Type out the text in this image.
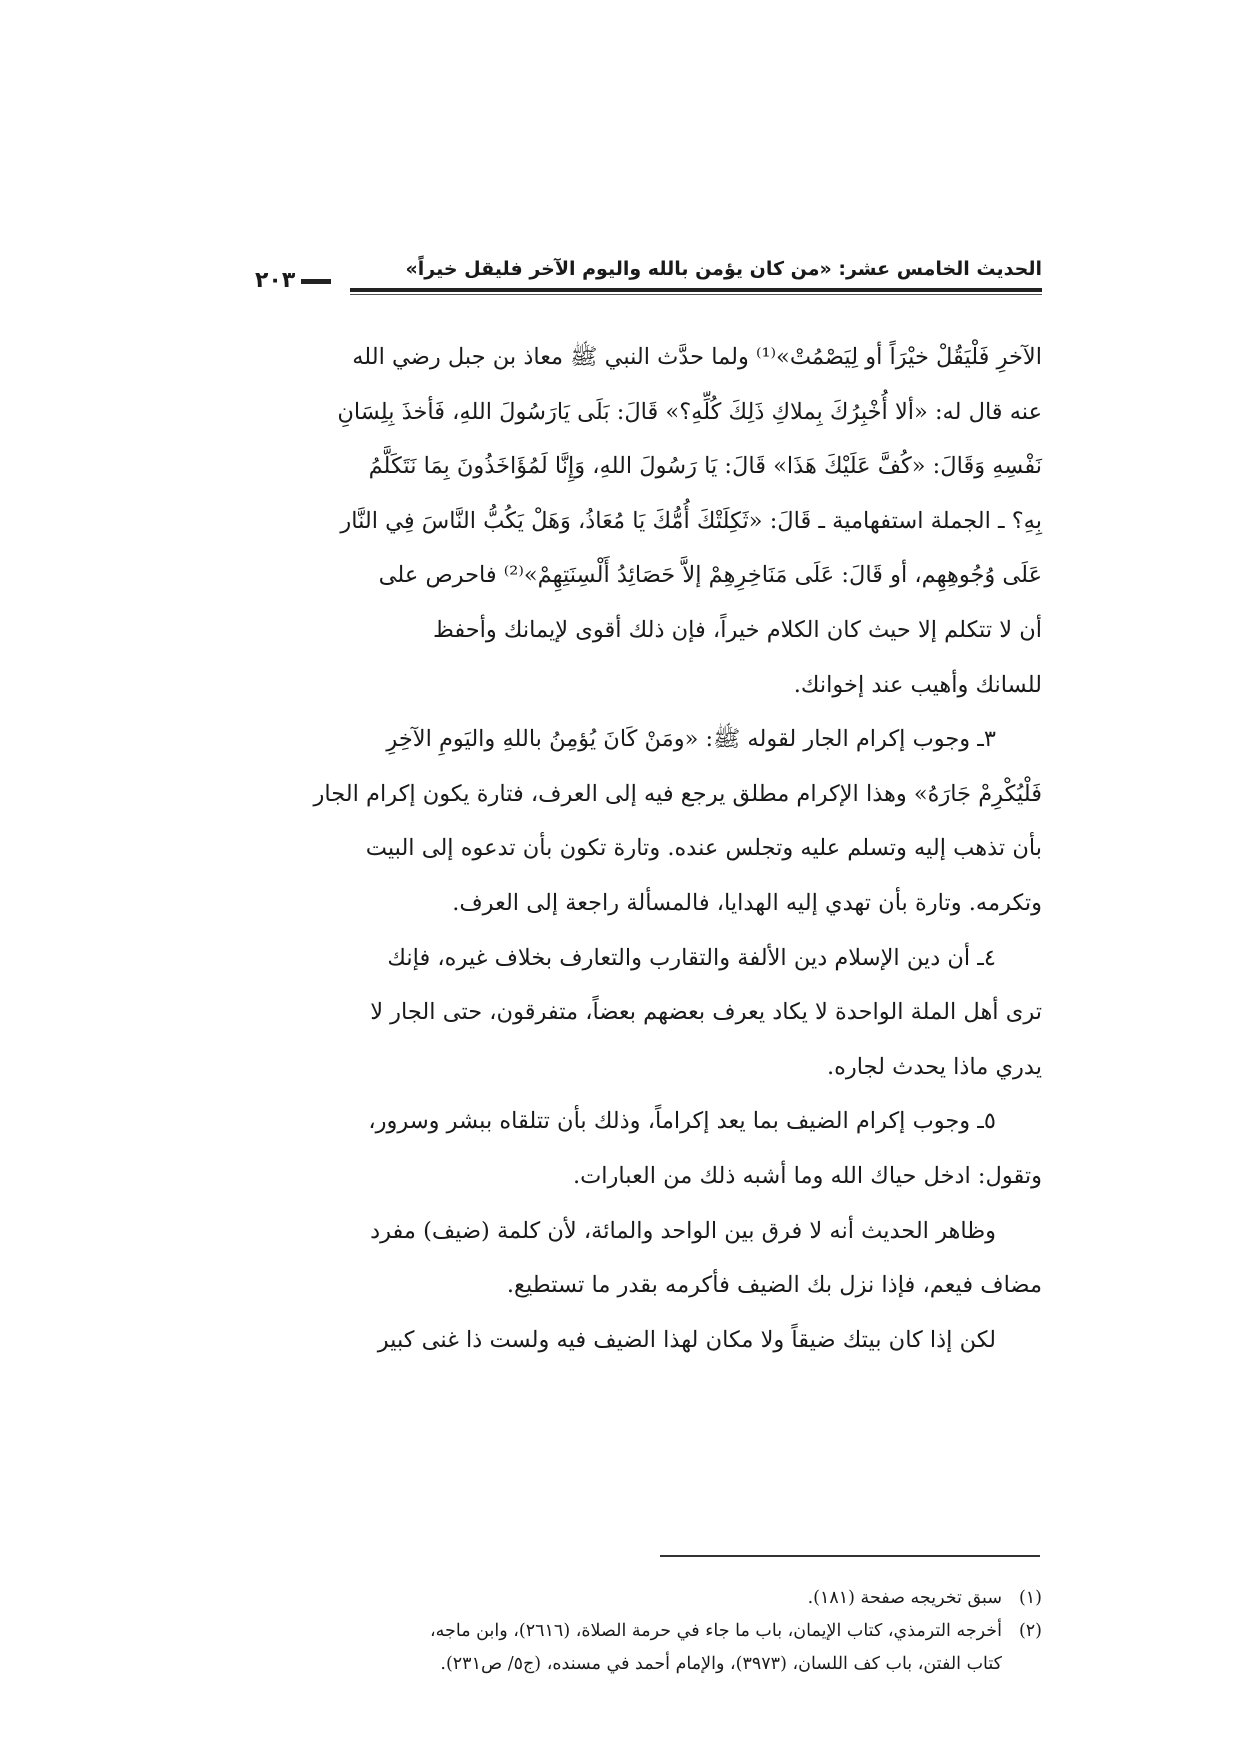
٢٠٣	الحديث الخامس عشر: «من كان يؤمن بالله واليوم الآخر فليقل خيراً»

الآخرِ فَلْيَقُلْ خيْرَاً أو لِيَصْمُتْ»⁽¹⁾ ولما حدَّث النبي ﷺ معاذ بن جبل رضي الله
عنه قال له: «ألا أُخْبِرُكَ بِملاكِ ذَلِكَ كُلِّهِ؟» قَالَ: بَلَى يَارَسُولَ اللهِ، فَأخذَ بِلِسَانِ
نَفْسِهِ وَقَالَ: «كُفَّ عَلَيْكَ هَذَا» قَالَ: يَا رَسُولَ اللهِ، وَإِنَّا لَمُؤَاخَذُونَ بِمَا نَتَكَلَّمُ
بِهِ؟ ـ الجملة استفهامية ـ قَالَ: «ثَكِلَتْكَ أُمُّكَ يَا مُعَاذُ، وَهَلْ يَكُبُّ النَّاسَ فِي النَّار
عَلَى وُجُوهِهِم، أو قَالَ: عَلَى مَنَاخِرِهِمْ إلاَّ حَصَائِدُ أَلْسِنَتِهِمْ»⁽²⁾ فاحرص على
أن لا تتكلم إلا حيث كان الكلام خيراً، فإن ذلك أقوى لإيمانك وأحفظ
للسانك وأهيب عند إخوانك.

٣ـ وجوب إكرام الجار لقوله ﷺ: «ومَنْ كَانَ يُؤمِنُ باللهِ واليَومِ الآخِرِ
فَلْيُكْرِمْ جَارَهُ» وهذا الإكرام مطلق يرجع فيه إلى العرف، فتارة يكون إكرام الجار
بأن تذهب إليه وتسلم عليه وتجلس عنده. وتارة تكون بأن تدعوه إلى البيت
وتكرمه. وتارة بأن تهدي إليه الهدايا، فالمسألة راجعة إلى العرف.

٤ـ أن دين الإسلام دين الألفة والتقارب والتعارف بخلاف غيره، فإنك
ترى أهل الملة الواحدة لا يكاد يعرف بعضهم بعضاً، متفرقون، حتى الجار لا
يدري ماذا يحدث لجاره.

٥ـ وجوب إكرام الضيف بما يعد إكراماً، وذلك بأن تتلقاه ببشر وسرور،
وتقول: ادخل حياك الله وما أشبه ذلك من العبارات.

وظاهر الحديث أنه لا فرق بين الواحد والمائة، لأن كلمة (ضيف) مفرد
مضاف فيعم، فإذا نزل بك الضيف فأكرمه بقدر ما تستطيع.

لكن إذا كان بيتك ضيقاً ولا مكان لهذا الضيف فيه ولست ذا غنى كبير

(١)سبق تخريجه صفحة (١٨١).

(٢)أخرجه الترمذي، كتاب الإيمان، باب ما جاء في حرمة الصلاة، (٢٦١٦)، وابن ماجه،

كتاب الفتن، باب كف اللسان، (٣٩٧٣)، والإمام أحمد في مسنده، (ج٥/ ص٢٣١).
